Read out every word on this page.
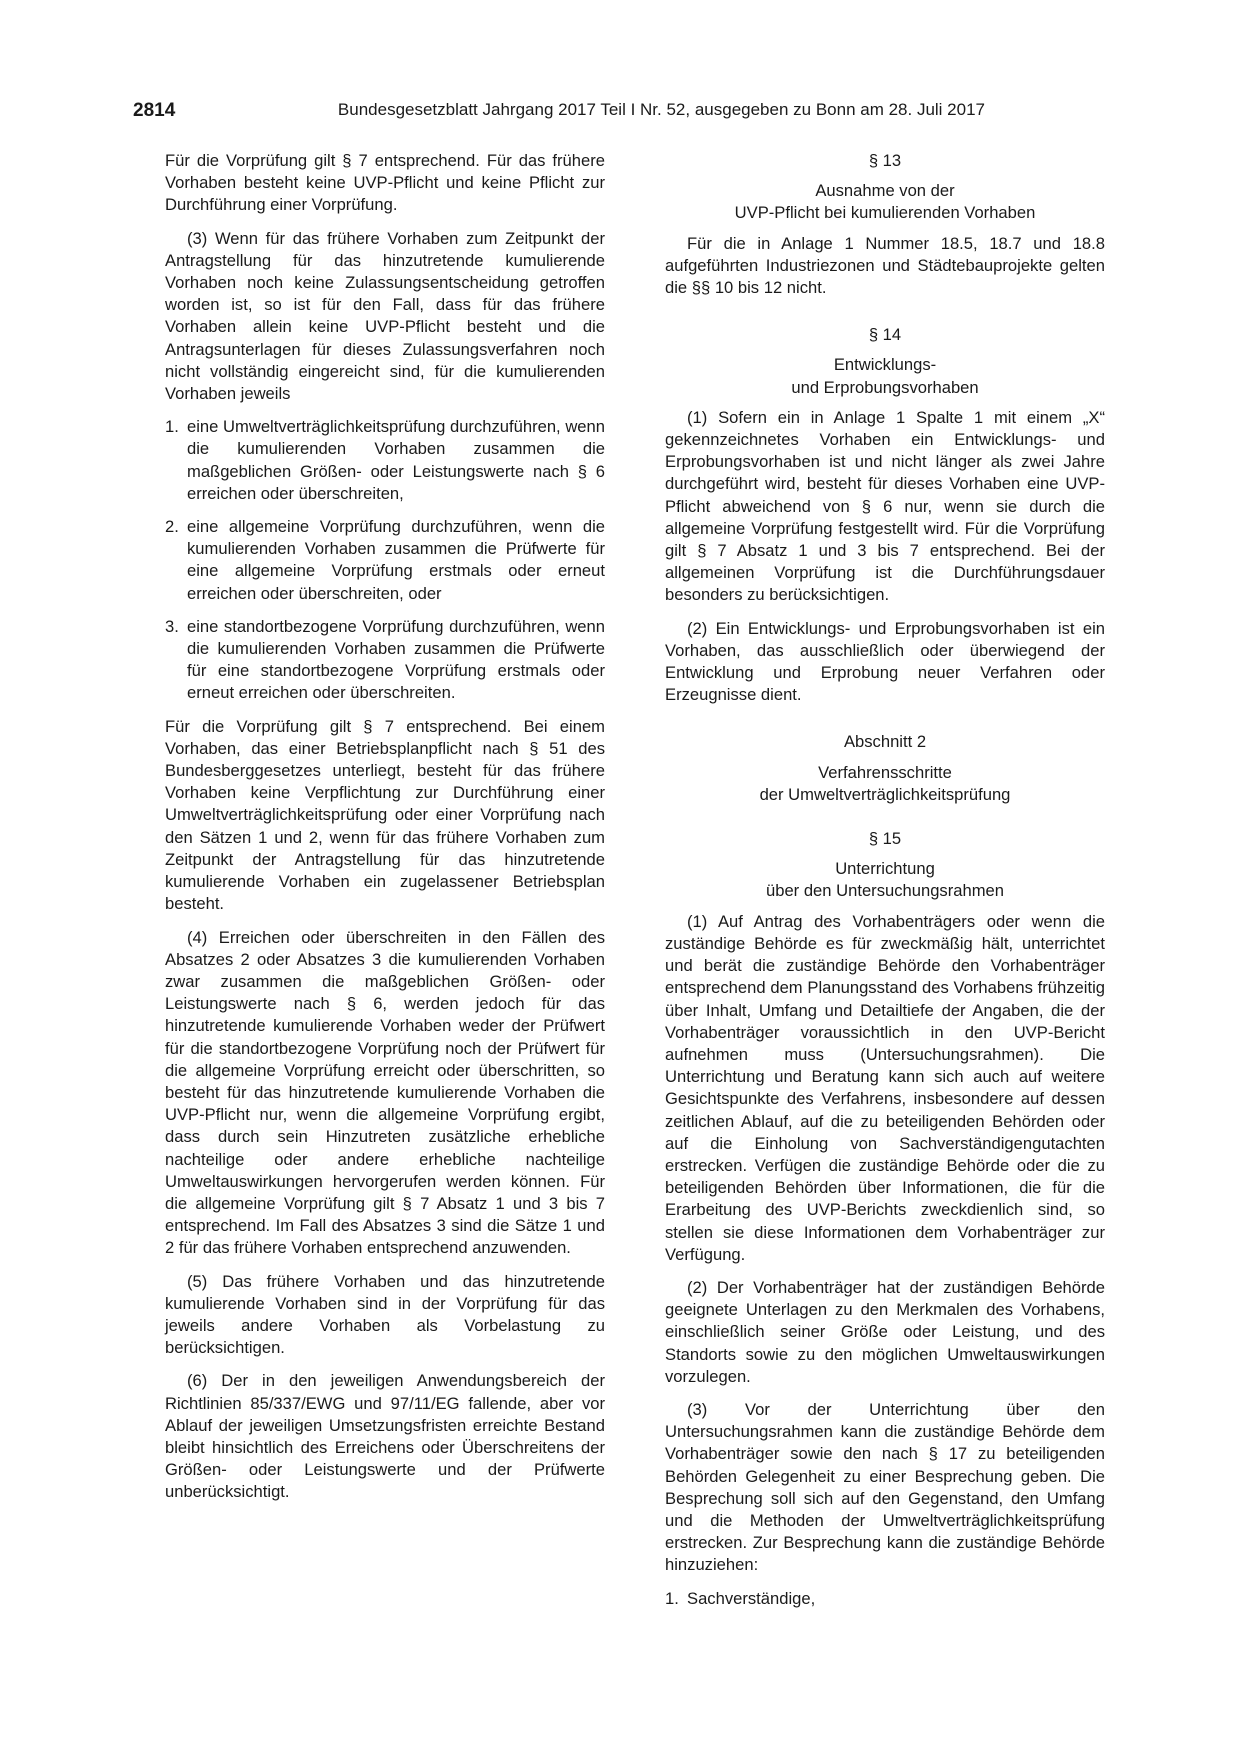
2814	Bundesgesetzblatt Jahrgang 2017 Teil I Nr. 52, ausgegeben zu Bonn am 28. Juli 2017

Für die Vorprüfung gilt § 7 entsprechend. Für das frühere Vorhaben besteht keine UVP-Pflicht und keine Pflicht zur Durchführung einer Vorprüfung.

(3) Wenn für das frühere Vorhaben zum Zeitpunkt der Antragstellung für das hinzutretende kumulierende Vorhaben noch keine Zulassungsentscheidung getroffen worden ist, so ist für den Fall, dass für das frühere Vorhaben allein keine UVP-Pflicht besteht und die Antragsunterlagen für dieses Zulassungsverfahren noch nicht vollständig eingereicht sind, für die kumulierenden Vorhaben jeweils

1. eine Umweltverträglichkeitsprüfung durchzuführen, wenn die kumulierenden Vorhaben zusammen die maßgeblichen Größen- oder Leistungswerte nach § 6 erreichen oder überschreiten,
2. eine allgemeine Vorprüfung durchzuführen, wenn die kumulierenden Vorhaben zusammen die Prüfwerte für eine allgemeine Vorprüfung erstmals oder erneut erreichen oder überschreiten, oder
3. eine standortbezogene Vorprüfung durchzuführen, wenn die kumulierenden Vorhaben zusammen die Prüfwerte für eine standortbezogene Vorprüfung erstmals oder erneut erreichen oder überschreiten.

Für die Vorprüfung gilt § 7 entsprechend. Bei einem Vorhaben, das einer Betriebsplanpflicht nach § 51 des Bundesberggesetzes unterliegt, besteht für das frühere Vorhaben keine Verpflichtung zur Durchführung einer Umweltverträglichkeitsprüfung oder einer Vorprüfung nach den Sätzen 1 und 2, wenn für das frühere Vorhaben zum Zeitpunkt der Antragstellung für das hinzutretende kumulierende Vorhaben ein zugelassener Betriebsplan besteht.

(4) Erreichen oder überschreiten in den Fällen des Absatzes 2 oder Absatzes 3 die kumulierenden Vorhaben zwar zusammen die maßgeblichen Größen- oder Leistungswerte nach § 6, werden jedoch für das hinzutretende kumulierende Vorhaben weder der Prüfwert für die standortbezogene Vorprüfung noch der Prüfwert für die allgemeine Vorprüfung erreicht oder überschritten, so besteht für das hinzutretende kumulierende Vorhaben die UVP-Pflicht nur, wenn die allgemeine Vorprüfung ergibt, dass durch sein Hinzutreten zusätzliche erhebliche nachteilige oder andere erhebliche nachteilige Umweltauswirkungen hervorgerufen werden können. Für die allgemeine Vorprüfung gilt § 7 Absatz 1 und 3 bis 7 entsprechend. Im Fall des Absatzes 3 sind die Sätze 1 und 2 für das frühere Vorhaben entsprechend anzuwenden.

(5) Das frühere Vorhaben und das hinzutretende kumulierende Vorhaben sind in der Vorprüfung für das jeweils andere Vorhaben als Vorbelastung zu berücksichtigen.

(6) Der in den jeweiligen Anwendungsbereich der Richtlinien 85/337/EWG und 97/11/EG fallende, aber vor Ablauf der jeweiligen Umsetzungsfristen erreichte Bestand bleibt hinsichtlich des Erreichens oder Überschreitens der Größen- oder Leistungswerte und der Prüfwerte unberücksichtigt.

§ 13
Ausnahme von der
UVP-Pflicht bei kumulierenden Vorhaben

Für die in Anlage 1 Nummer 18.5, 18.7 und 18.8 aufgeführten Industriezonen und Städtebauprojekte gelten die §§ 10 bis 12 nicht.

§ 14
Entwicklungs-
und Erprobungsvorhaben

(1) Sofern ein in Anlage 1 Spalte 1 mit einem „X“ gekennzeichnetes Vorhaben ein Entwicklungs- und Erprobungsvorhaben ist und nicht länger als zwei Jahre durchgeführt wird, besteht für dieses Vorhaben eine UVP-Pflicht abweichend von § 6 nur, wenn sie durch die allgemeine Vorprüfung festgestellt wird. Für die Vorprüfung gilt § 7 Absatz 1 und 3 bis 7 entsprechend. Bei der allgemeinen Vorprüfung ist die Durchführungsdauer besonders zu berücksichtigen.

(2) Ein Entwicklungs- und Erprobungsvorhaben ist ein Vorhaben, das ausschließlich oder überwiegend der Entwicklung und Erprobung neuer Verfahren oder Erzeugnisse dient.

Abschnitt 2
Verfahrensschritte
der Umweltverträglichkeitsprüfung
§ 15
Unterrichtung
über den Untersuchungsrahmen

(1) Auf Antrag des Vorhabenträgers oder wenn die zuständige Behörde es für zweckmäßig hält, unterrichtet und berät die zuständige Behörde den Vorhabenträger entsprechend dem Planungsstand des Vorhabens frühzeitig über Inhalt, Umfang und Detailtiefe der Angaben, die der Vorhabenträger voraussichtlich in den UVP-Bericht aufnehmen muss (Untersuchungsrahmen). Die Unterrichtung und Beratung kann sich auch auf weitere Gesichtspunkte des Verfahrens, insbesondere auf dessen zeitlichen Ablauf, auf die zu beteiligenden Behörden oder auf die Einholung von Sachverständigengutachten erstrecken. Verfügen die zuständige Behörde oder die zu beteiligenden Behörden über Informationen, die für die Erarbeitung des UVP-Berichts zweckdienlich sind, so stellen sie diese Informationen dem Vorhabenträger zur Verfügung.

(2) Der Vorhabenträger hat der zuständigen Behörde geeignete Unterlagen zu den Merkmalen des Vorhabens, einschließlich seiner Größe oder Leistung, und des Standorts sowie zu den möglichen Umweltauswirkungen vorzulegen.

(3) Vor der Unterrichtung über den Untersuchungsrahmen kann die zuständige Behörde dem Vorhabenträger sowie den nach § 17 zu beteiligenden Behörden Gelegenheit zu einer Besprechung geben. Die Besprechung soll sich auf den Gegenstand, den Umfang und die Methoden der Umweltverträglichkeitsprüfung erstrecken. Zur Besprechung kann die zuständige Behörde hinzuziehen:

1. Sachverständige,
